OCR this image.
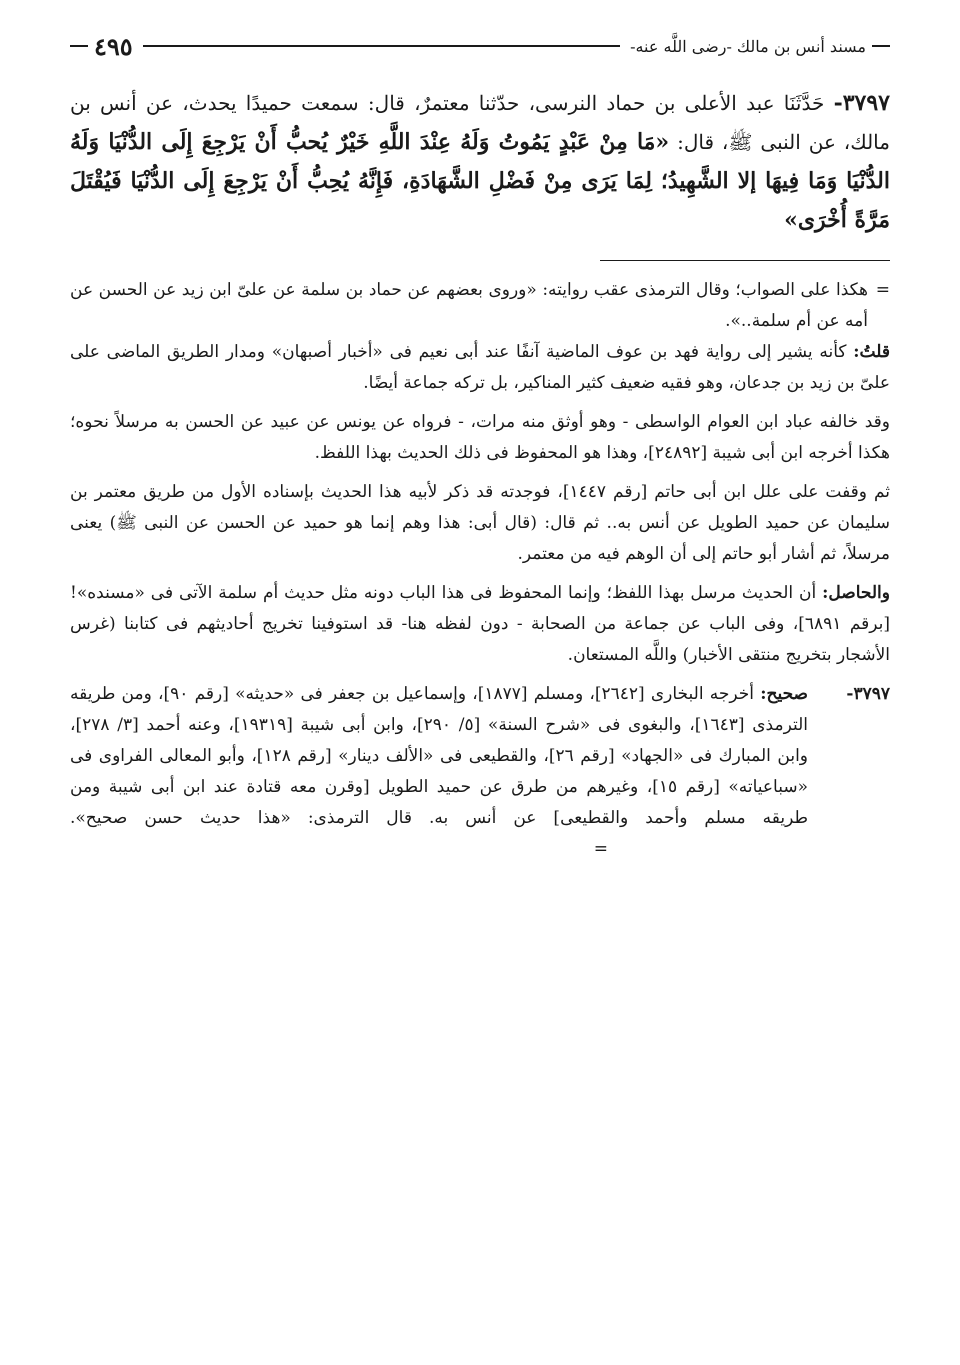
مسند أنس بن مالك -رضى اللَّه عنه-
٤٩٥
٣٧٩٧- حَدَّثَنَا عبد الأعلى بن حماد النرسى، حدّثنا معتمرٌ، قال: سمعت حميدًا يحدث، عن أنس بن مالك، عن النبى ﷺ، قال: «مَا مِنْ عَبْدٍ يَمُوتُ وَلَهُ عِنْدَ اللَّهِ خَيْرٌ يُحبُّ أَنْ يَرْجِعَ إِلَى الدُّنْيَا وَلَهُ الدُّنْيَا وَمَا فِيهَا إلا الشَّهِيدُ؛ لِمَا يَرَى مِنْ فَضْلِ الشَّهَادَةِ، فَإِنَّهُ يُحِبُّ أَنْ يَرْجِعَ إِلَى الدُّنْيَا فَيُقْتَلَ مَرَّةً أُخْرَى»
=
هكذا على الصواب؛ وقال الترمذى عقب روايته: «وروى بعضهم عن حماد بن سلمة عن علىّ ابن زيد عن الحسن عن أمه عن أم سلمة..».

قلتُ: كأنه يشير إلى رواية فهد بن عوف الماضية آنفًا عند أبى نعيم فى «أخبار أصبهان» ومدار الطريق الماضى على علىّ بن زيد بن جدعان، وهو فقيه ضعيف كثير المناكير، بل تركه جماعة أيضًا.

وقد خالفه عباد ابن العوام الواسطى - وهو أوثق منه مرات، - فرواه عن يونس عن عبيد عن الحسن به مرسلاً نحوه؛ هكذا أخرجه ابن أبى شيبة [٢٤٨٩٢]، وهذا هو المحفوظ فى ذلك الحديث بهذا اللفظ.

ثم وقفت على علل ابن أبى حاتم [رقم ١٤٤٧]، فوجدته قد ذكر لأبيه هذا الحديث بإسناده الأول من طريق معتمر بن سليمان عن حميد الطويل عن أنس به.. ثم قال: (قال أبى: هذا وهم إنما هو حميد عن الحسن عن النبى ﷺ) يعنى مرسلاً، ثم أشار أبو حاتم إلى أن الوهم فيه من معتمر.

والحاصل: أن الحديث مرسل بهذا اللفظ؛ وإنما المحفوظ فى هذا الباب دونه مثل حديث أم سلمة الآتى فى «مسنده»! [برقم ٦٨٩١]، وفى الباب عن جماعة من الصحابة - دون لفظه هنا- قد استوفينا تخريج أحاديثهم فى كتابنا (غرس الأشجار بتخريج منتقى الأخبار) واللَّه المستعان.

٣٧٩٧-
صحيح: أخرجه البخارى [٢٦٤٢]، ومسلم [١٨٧٧]، وإسماعيل بن جعفر فى «حديثه» [رقم ٩٠]، ومن طريقه الترمذى [١٦٤٣]، والبغوى فى «شرح السنة» [٥/ ٢٩٠]، وابن أبى شيبة [١٩٣١٩]، وعنه أحمد [٣/ ٢٧٨]، وابن المبارك فى «الجهاد» [رقم ٢٦]، والقطيعى فى «الألف دينار» [رقم ١٢٨]، وأبو المعالى الفراوى فى «سباعياته» [رقم ١٥]، وغيرهم من طرق عن حميد الطويل [وقرن معه قتادة عند ابن أبى شيبة ومن طريقه مسلم وأحمد والقطيعى] عن أنس به. قال الترمذى: «هذا حديث حسن صحيح». =
